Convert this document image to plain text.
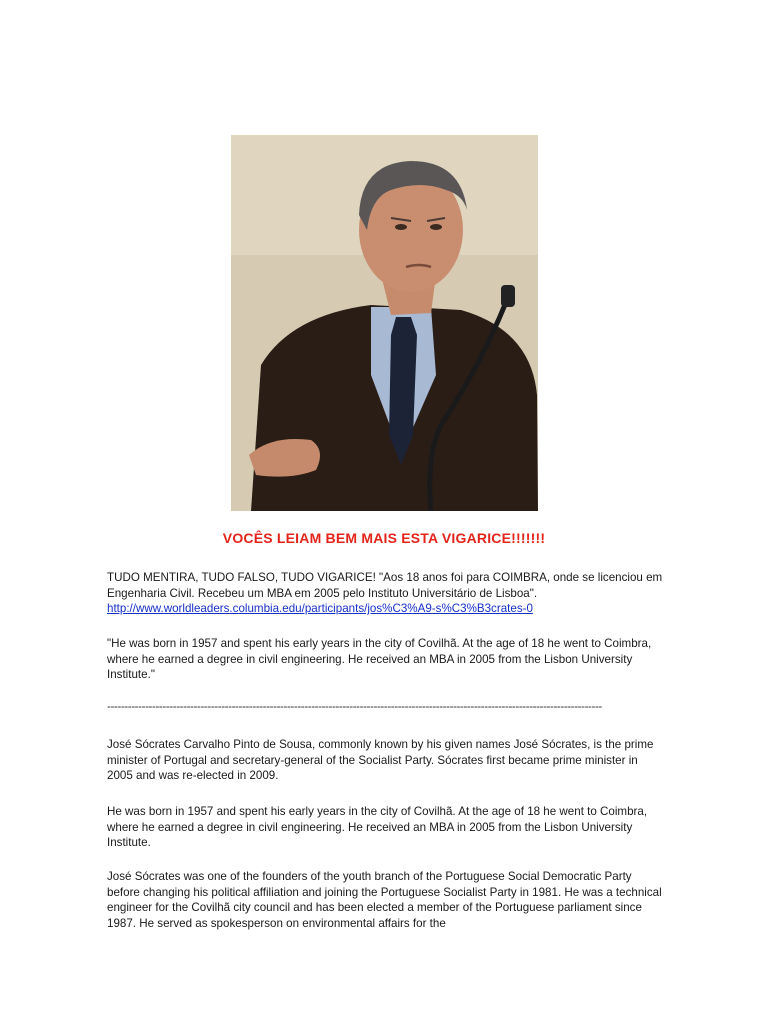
VOCÊS LEIAM BEM MAIS ESTA VIGARICE!!!!!!!

TUDO MENTIRA, TUDO FALSO, TUDO VIGARICE! "Aos 18 anos foi para COIMBRA, onde se licenciou em Engenharia Civil. Recebeu um MBA em 2005 pelo Instituto Universitário de Lisboa".
http://www.worldleaders.columbia.edu/participants/jos%C3%A9-s%C3%B3crates-0

"He was born in 1957 and spent his early years in the city of Covilhã. At the age of 18 he went to Coimbra, where he earned a degree in civil engineering. He received an MBA in 2005 from the Lisbon University Institute."

-----------------------------------------------------------------------------------------------------------------------------------------------

José Sócrates Carvalho Pinto de Sousa, commonly known by his given names José Sócrates, is the prime minister of Portugal and secretary-general of the Socialist Party. Sócrates first became prime minister in 2005 and was re-elected in 2009.

He was born in 1957 and spent his early years in the city of Covilhã. At the age of 18 he went to Coimbra, where he earned a degree in civil engineering. He received an MBA in 2005 from the Lisbon University Institute.

José Sócrates was one of the founders of the youth branch of the Portuguese Social Democratic Party before changing his political affiliation and joining the Portuguese Socialist Party in 1981. He was a technical engineer for the Covilhã city council and has been elected a member of the Portuguese parliament since 1987. He served as spokesperson on environmental affairs for the
